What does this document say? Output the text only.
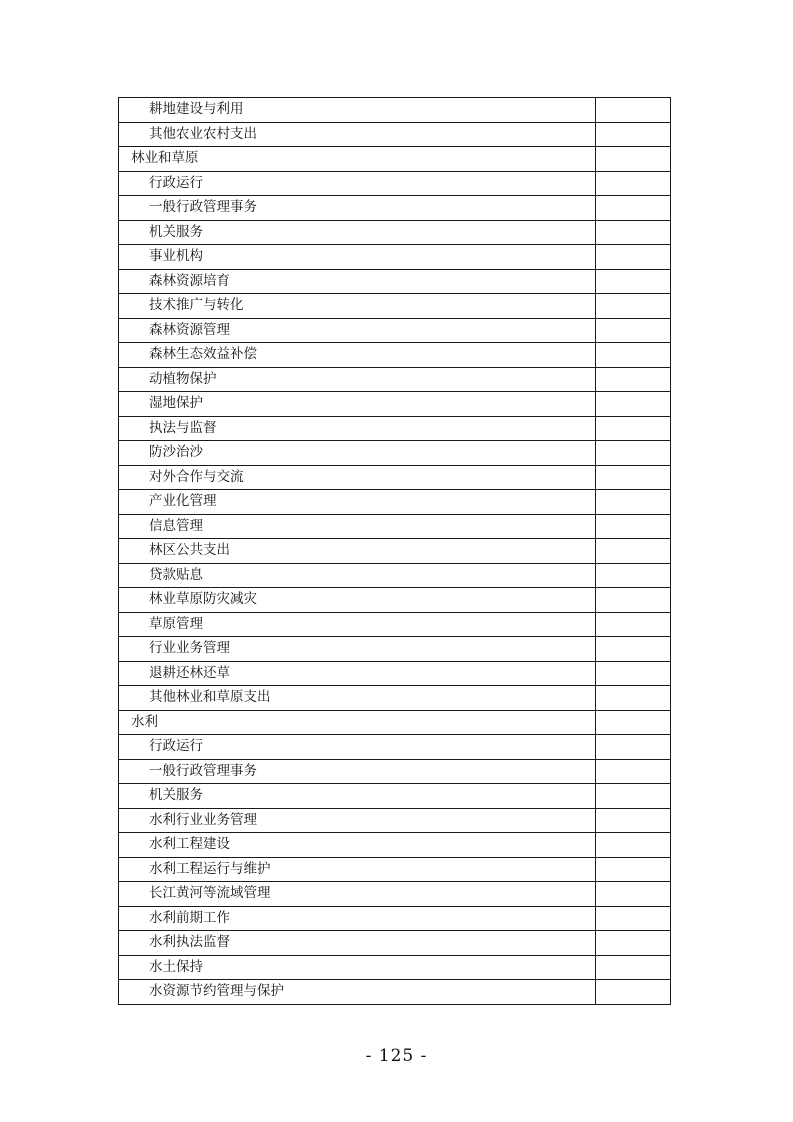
耕地建设与利用	
其他农业农村支出	
林业和草原	
行政运行	
一般行政管理事务	
机关服务	
事业机构	
森林资源培育	
技术推广与转化	
森林资源管理	
森林生态效益补偿	
动植物保护	
湿地保护	
执法与监督	
防沙治沙	
对外合作与交流	
产业化管理	
信息管理	
林区公共支出	
贷款贴息	
林业草原防灾减灾	
草原管理	
行业业务管理	
退耕还林还草	
其他林业和草原支出	
水利	
行政运行	
一般行政管理事务	
机关服务	
水利行业业务管理	
水利工程建设	
水利工程运行与维护	
长江黄河等流域管理	
水利前期工作	
水利执法监督	
水土保持	
水资源节约管理与保护	
- 125 -
